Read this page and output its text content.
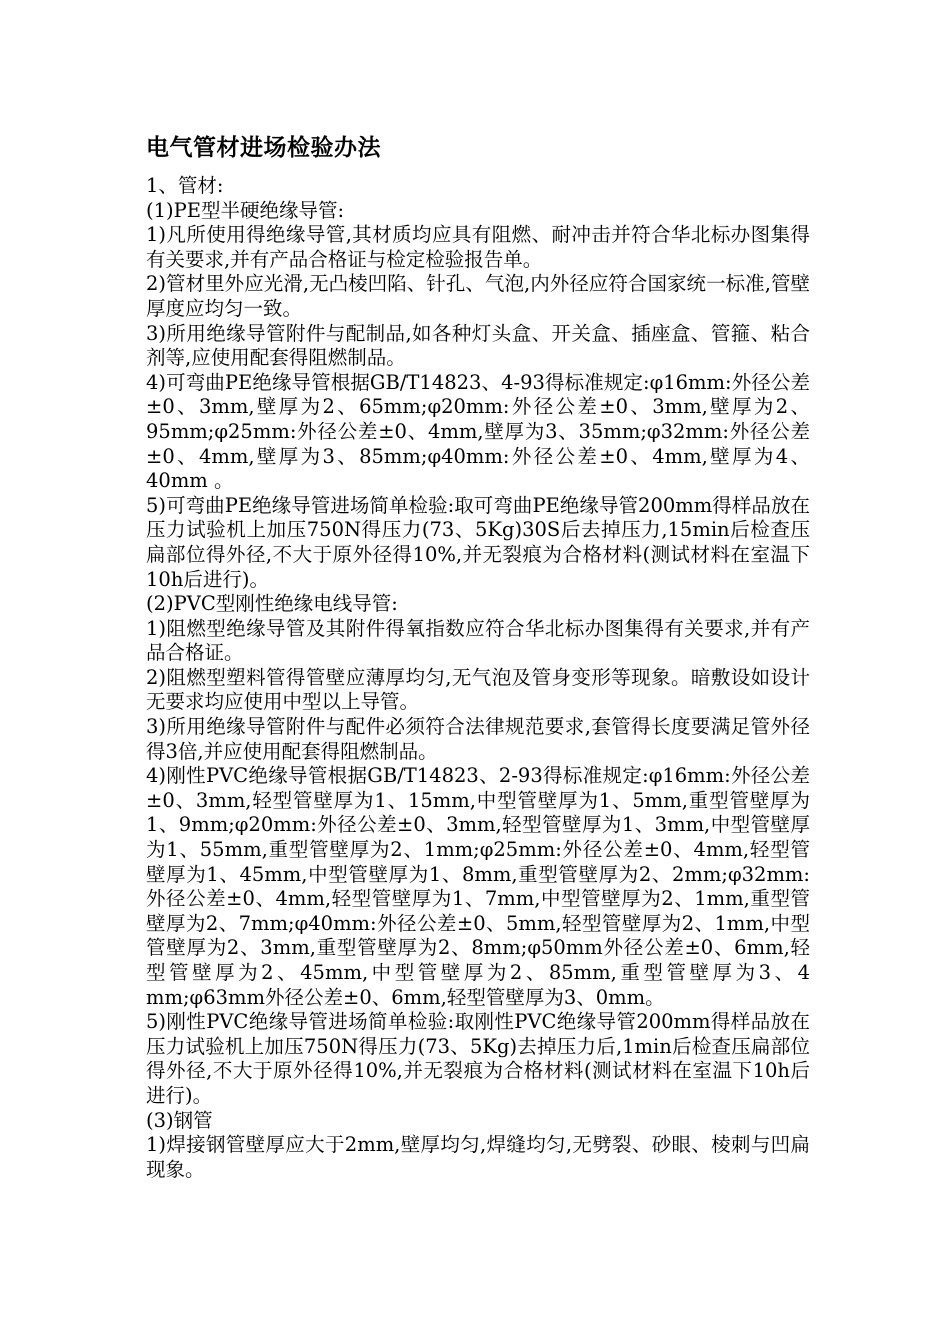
电气管材进场检验办法

1、管材:

(1)PE型半硬绝缘导管:

1)凡所使用得绝缘导管,其材质均应具有阻燃、耐冲击并符合华北标办图集得有关要求,并有产品合格证与检定检验报告单。

2)管材里外应光滑,无凸棱凹陷、针孔、气泡,内外径应符合国家统一标准,管壁厚度应均匀一致。

3)所用绝缘导管附件与配制品,如各种灯头盒、开关盒、插座盒、管箍、粘合剂等,应使用配套得阻燃制品。

4)可弯曲PE绝缘导管根据GB/T14823、4-93得标准规定:φ16mm:外径公差±0、3mm,壁厚为2、65mm;φ20mm:外径公差±0、3mm,壁厚为2、95mm;φ25mm:外径公差±0、4mm,壁厚为3、35mm;φ32mm:外径公差±0、4mm,壁厚为3、85mm;φ40mm:外径公差±0、4mm,壁厚为4、40mm 。

5)可弯曲PE绝缘导管进场简单检验:取可弯曲PE绝缘导管200mm得样品放在压力试验机上加压750N得压力(73、5Kg)30S后去掉压力,15min后检查压扁部位得外径,不大于原外径得10%,并无裂痕为合格材料(测试材料在室温下10h后进行)。

(2)PVC型刚性绝缘电线导管:

1)阻燃型绝缘导管及其附件得氧指数应符合华北标办图集得有关要求,并有产品合格证。

2)阻燃型塑料管得管壁应薄厚均匀,无气泡及管身变形等现象。暗敷设如设计无要求均应使用中型以上导管。

3)所用绝缘导管附件与配件必须符合法律规范要求,套管得长度要满足管外径得3倍,并应使用配套得阻燃制品。

4)刚性PVC绝缘导管根据GB/T14823、2-93得标准规定:φ16mm:外径公差±0、3mm,轻型管壁厚为1、15mm,中型管壁厚为1、5mm,重型管壁厚为1、9mm;φ20mm:外径公差±0、3mm,轻型管壁厚为1、3mm,中型管壁厚为1、55mm,重型管壁厚为2、1mm;φ25mm:外径公差±0、4mm,轻型管壁厚为1、45mm,中型管壁厚为1、8mm,重型管壁厚为2、2mm;φ32mm:外径公差±0、4mm,轻型管壁厚为1、7mm,中型管壁厚为2、1mm,重型管壁厚为2、7mm;φ40mm:外径公差±0、5mm,轻型管壁厚为2、1mm,中型管壁厚为2、3mm,重型管壁厚为2、8mm;φ50mm外径公差±0、6mm,轻型管壁厚为2、45mm,中型管壁厚为2、85mm,重型管壁厚为3、4 mm;φ63mm外径公差±0、6mm,轻型管壁厚为3、0mm。

5)刚性PVC绝缘导管进场简单检验:取刚性PVC绝缘导管200mm得样品放在压力试验机上加压750N得压力(73、5Kg)去掉压力后,1min后检查压扁部位得外径,不大于原外径得10%,并无裂痕为合格材料(测试材料在室温下10h后进行)。

(3)钢管

1)焊接钢管壁厚应大于2mm,壁厚均匀,焊缝均匀,无劈裂、砂眼、棱刺与凹扁现象。
